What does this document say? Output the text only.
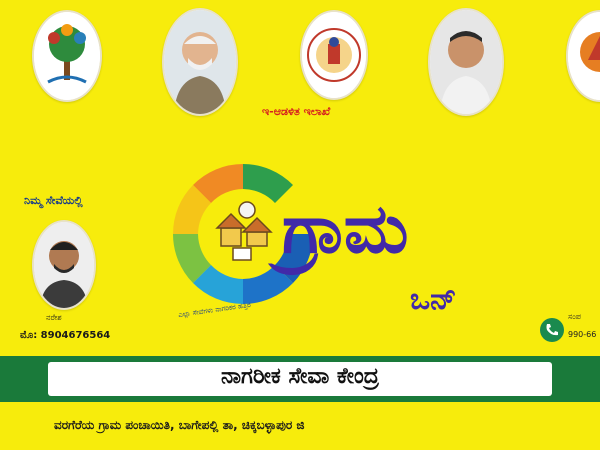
ಇ-ಆಡಳಿತ ಇಲಾಖೆ
ನಿಮ್ಮ ಸೇವೆಯಲ್ಲಿ
ನರೇಶ
ಮೊ: 8904676564
ಗ್ರಾಮ
ಒನ್
ಎಲ್ಲಾ ಸೇವೆಗಳು ನಾಗರಿಕರ ಹತ್ತಿರ	ಸಂಪ
990-66
ನಾಗರೀಕ ಸೇವಾ ಕೇಂದ್ರ
ವರಗೆರೆಯ ಗ್ರಾಮ ಪಂಚಾಯಿತಿ, ಬಾಗೇಪಲ್ಲಿ ತಾ, ಚಿಕ್ಕಬಳ್ಳಾಪುರ ಜಿ
